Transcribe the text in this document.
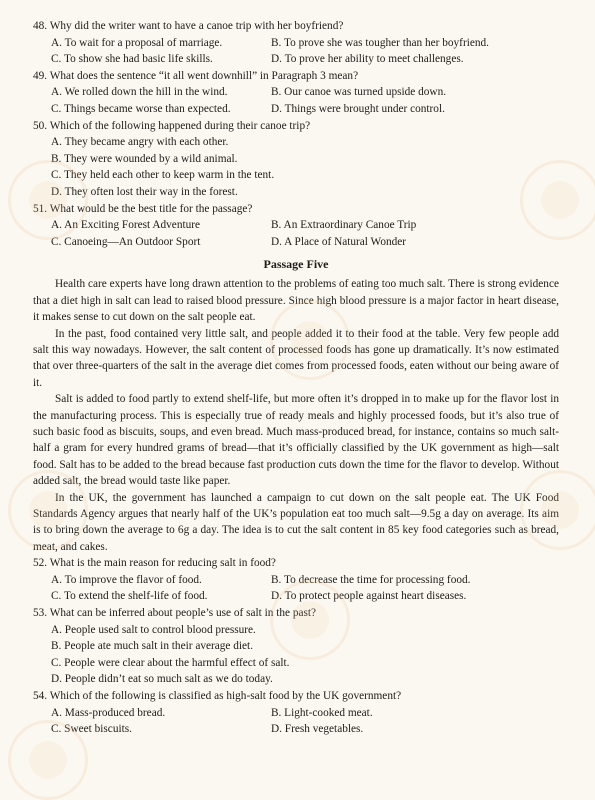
48. Why did the writer want to have a canoe trip with her boyfriend?
A. To wait for a proposal of marriage.	B. To prove she was tougher than her boyfriend.
C. To show she had basic life skills.	D. To prove her ability to meet challenges.
49. What does the sentence “it all went downhill” in Paragraph 3 mean?
A. We rolled down the hill in the wind.	B. Our canoe was turned upside down.
C. Things became worse than expected.	D. Things were brought under control.
50. Which of the following happened during their canoe trip?
A. They became angry with each other.
B. They were wounded by a wild animal.
C. They held each other to keep warm in the tent.
D. They often lost their way in the forest.
51. What would be the best title for the passage?
A. An Exciting Forest Adventure	B. An Extraordinary Canoe Trip
C. Canoeing—An Outdoor Sport	D. A Place of Natural Wonder
Passage Five

Health care experts have long drawn attention to the problems of eating too much salt. There is strong evidence that a diet high in salt can lead to raised blood pressure. Since high blood pressure is a major factor in heart disease, it makes sense to cut down on the salt people eat.

In the past, food contained very little salt, and people added it to their food at the table. Very few people add salt this way nowadays. However, the salt content of processed foods has gone up dramatically. It’s now estimated that over three-quarters of the salt in the average diet comes from processed foods, eaten without our being aware of it.

Salt is added to food partly to extend shelf-life, but more often it’s dropped in to make up for the flavor lost in the manufacturing process. This is especially true of ready meals and highly processed foods, but it’s also true of such basic food as biscuits, soups, and even bread. Much mass-produced bread, for instance, contains so much salt-half a gram for every hundred grams of bread—that it’s officially classified by the UK government as high—salt food. Salt has to be added to the bread because fast production cuts down the time for the flavor to develop. Without added salt, the bread would taste like paper.

In the UK, the government has launched a campaign to cut down on the salt people eat. The UK Food Standards Agency argues that nearly half of the UK’s population eat too much salt—9.5g a day on average. Its aim is to bring down the average to 6g a day. The idea is to cut the salt content in 85 key food categories such as bread, meat, and cakes.

52. What is the main reason for reducing salt in food?
A. To improve the flavor of food.	B. To decrease the time for processing food.
C. To extend the shelf-life of food.	D. To protect people against heart diseases.
53. What can be inferred about people’s use of salt in the past?
A. People used salt to control blood pressure.
B. People ate much salt in their average diet.
C. People were clear about the harmful effect of salt.
D. People didn’t eat so much salt as we do today.
54. Which of the following is classified as high-salt food by the UK government?
A. Mass-produced bread.	B. Light-cooked meat.
C. Sweet biscuits.	D. Fresh vegetables.
